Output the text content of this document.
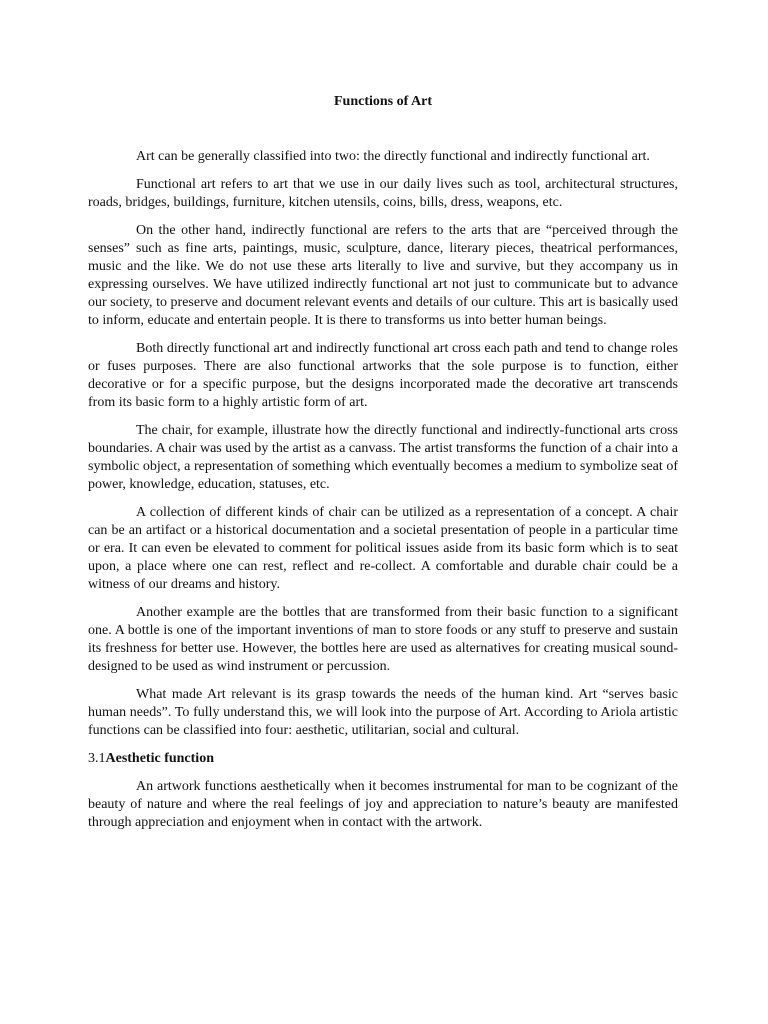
Functions of Art

Art can be generally classified into two: the directly functional and indirectly functional art.

Functional art refers to art that we use in our daily lives such as tool, architectural structures, roads, bridges, buildings, furniture, kitchen utensils, coins, bills, dress, weapons, etc.

On the other hand, indirectly functional are refers to the arts that are “perceived through the senses” such as fine arts, paintings, music, sculpture, dance, literary pieces, theatrical performances, music and the like. We do not use these arts literally to live and survive, but they accompany us in expressing ourselves. We have utilized indirectly functional art not just to communicate but to advance our society, to preserve and document relevant events and details of our culture. This art is basically used to inform, educate and entertain people. It is there to transforms us into better human beings.

Both directly functional art and indirectly functional art cross each path and tend to change roles or fuses purposes. There are also functional artworks that the sole purpose is to function, either decorative or for a specific purpose, but the designs incorporated made the decorative art transcends from its basic form to a highly artistic form of art.

The chair, for example, illustrate how the directly functional and indirectly-functional arts cross boundaries. A chair was used by the artist as a canvass. The artist transforms the function of a chair into a symbolic object, a representation of something which eventually becomes a medium to symbolize seat of power, knowledge, education, statuses, etc.

A collection of different kinds of chair can be utilized as a representation of a concept. A chair can be an artifact or a historical documentation and a societal presentation of people in a particular time or era. It can even be elevated to comment for political issues aside from its basic form which is to seat upon, a place where one can rest, reflect and re-collect. A comfortable and durable chair could be a witness of our dreams and history.

Another example are the bottles that are transformed from their basic function to a significant one. A bottle is one of the important inventions of man to store foods or any stuff to preserve and sustain its freshness for better use. However, the bottles here are used as alternatives for creating musical sound-designed to be used as wind instrument or percussion.

What made Art relevant is its grasp towards the needs of the human kind. Art “serves basic human needs”. To fully understand this, we will look into the purpose of Art. According to Ariola artistic functions can be classified into four: aesthetic, utilitarian, social and cultural.

3.1Aesthetic function

An artwork functions aesthetically when it becomes instrumental for man to be cognizant of the beauty of nature and where the real feelings of joy and appreciation to nature’s beauty are manifested through appreciation and enjoyment when in contact with the artwork.
